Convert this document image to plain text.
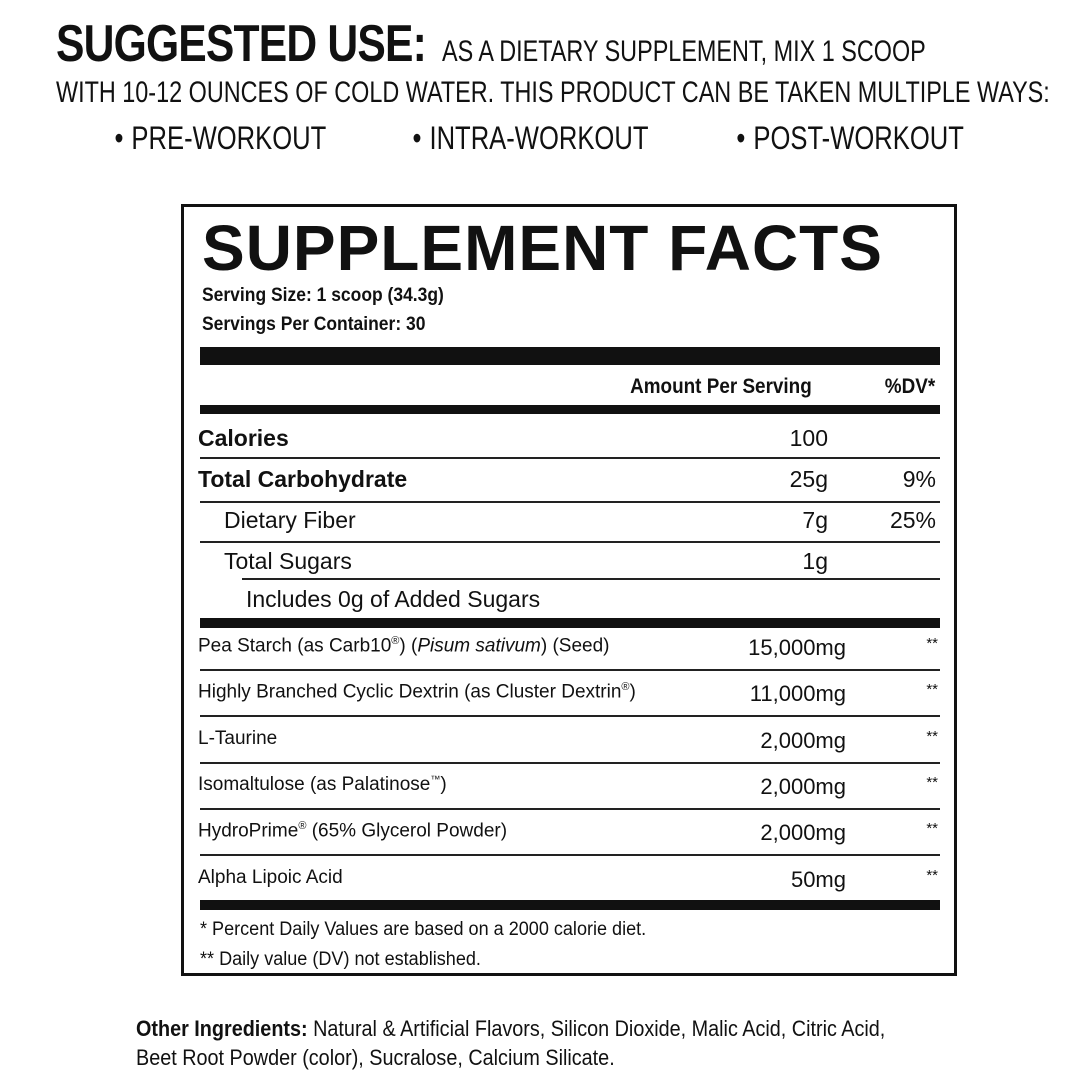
SUGGESTED USE: AS A DIETARY SUPPLEMENT, MIX 1 SCOOP
WITH 10-12 OUNCES OF COLD WATER. THIS PRODUCT CAN BE TAKEN MULTIPLE WAYS:
• PRE-WORKOUT	• INTRA-WORKOUT	• POST-WORKOUT
SUPPLEMENT FACTS
Serving Size: 1 scoop (34.3g)
Servings Per Container: 30
Amount Per Serving	%DV*
Calories	100
Total Carbohydrate	25g	9%
Dietary Fiber	7g	25%
Total Sugars	1g
Includes 0g of Added Sugars
Pea Starch (as Carb10®) (Pisum sativum) (Seed)	15,000mg	**
Highly Branched Cyclic Dextrin (as Cluster Dextrin®)	11,000mg	**
L-Taurine	2,000mg	**
Isomaltulose (as Palatinose™)	2,000mg	**
HydroPrime® (65% Glycerol Powder)	2,000mg	**
Alpha Lipoic Acid	50mg	**
* Percent Daily Values are based on a 2000 calorie diet.
** Daily value (DV) not established.
Other Ingredients: Natural & Artificial Flavors, Silicon Dioxide, Malic Acid, Citric Acid,
Beet Root Powder (color), Sucralose, Calcium Silicate.
